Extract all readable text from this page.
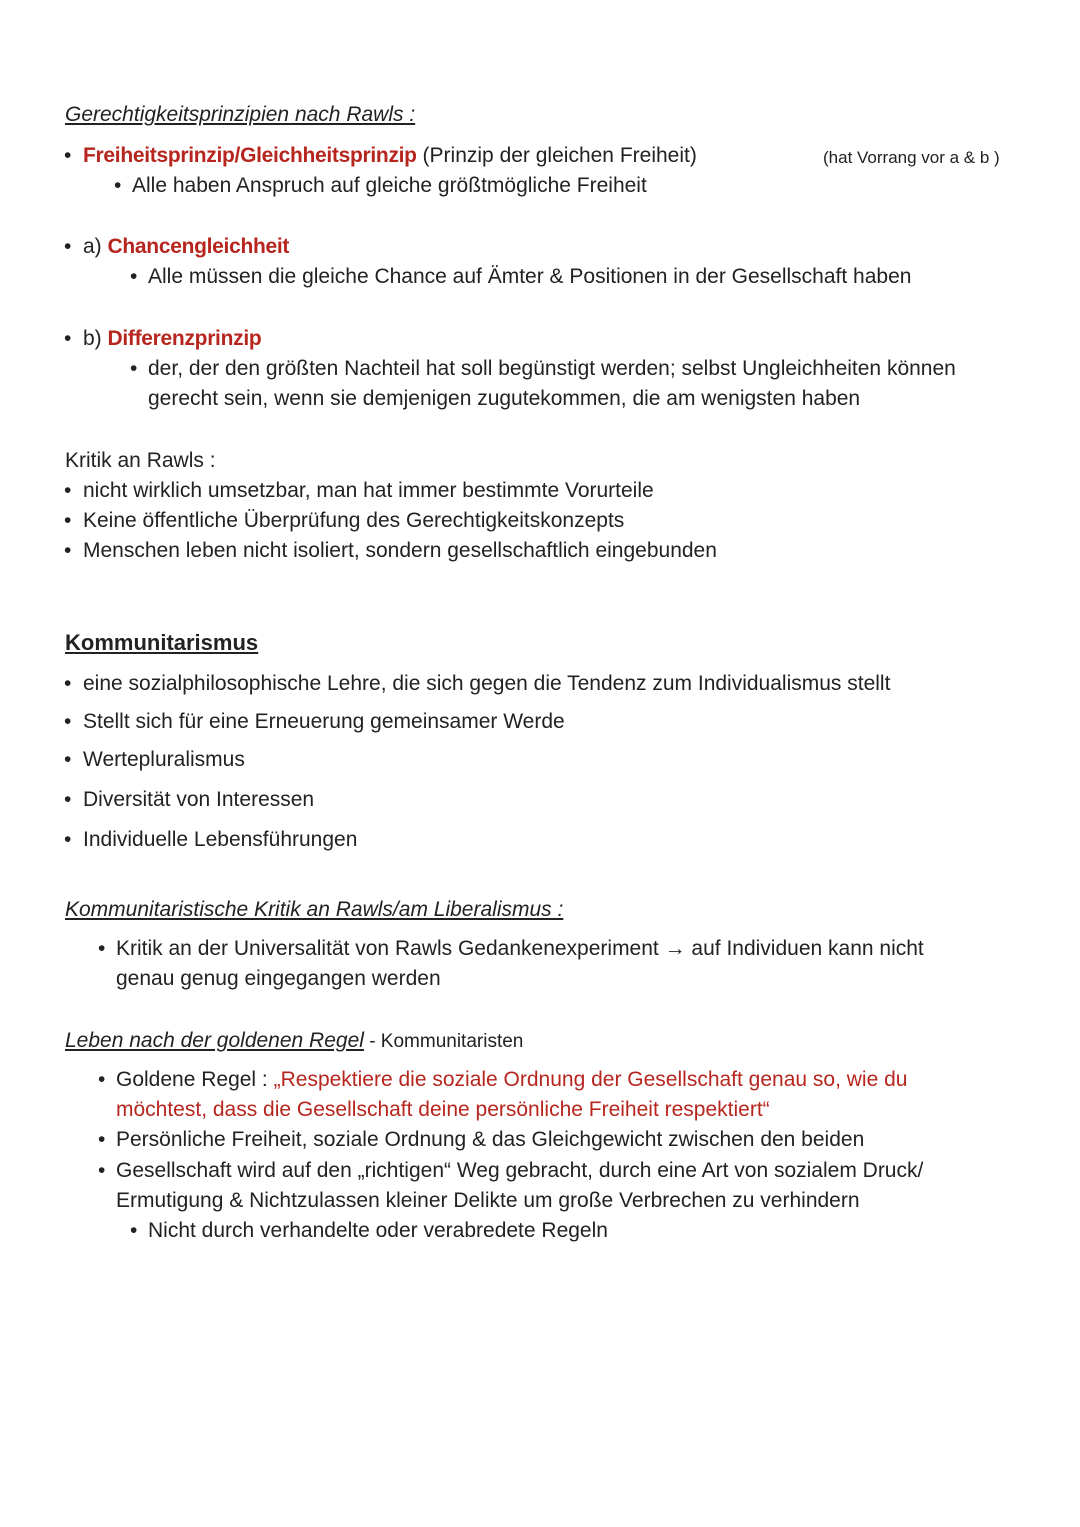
Gerechtigkeitsprinzipien nach Rawls :
• Freiheitsprinzip/Gleichheitsprinzip (Prinzip der gleichen Freiheit)	(hat Vorrang vor a & b )
• Alle haben Anspruch auf gleiche größtmögliche Freiheit
• a) Chancengleichheit
• Alle müssen die gleiche Chance auf Ämter & Positionen in der Gesellschaft haben
• b) Differenzprinzip
• der, der den größten Nachteil hat soll begünstigt werden; selbst Ungleichheiten können
gerecht sein, wenn sie demjenigen zugutekommen, die am wenigsten haben
Kritik an Rawls :
• nicht wirklich umsetzbar, man hat immer bestimmte Vorurteile
• Keine öffentliche Überprüfung des Gerechtigkeitskonzepts
• Menschen leben nicht isoliert, sondern gesellschaftlich eingebunden
Kommunitarismus
• eine sozialphilosophische Lehre, die sich gegen die Tendenz zum Individualismus stellt
• Stellt sich für eine Erneuerung gemeinsamer Werde
• Wertepluralismus
• Diversität von Interessen
• Individuelle Lebensführungen
Kommunitaristische Kritik an Rawls/am Liberalismus :
• Kritik an der Universalität von Rawls Gedankenexperiment → auf Individuen kann nicht
genau genug eingegangen werden
Leben nach der goldenen Regel - Kommunitaristen
• Goldene Regel : „Respektiere die soziale Ordnung der Gesellschaft genau so, wie du
möchtest, dass die Gesellschaft deine persönliche Freiheit respektiert“
• Persönliche Freiheit, soziale Ordnung & das Gleichgewicht zwischen den beiden
• Gesellschaft wird auf den „richtigen“ Weg gebracht, durch eine Art von sozialem Druck/
Ermutigung & Nichtzulassen kleiner Delikte um große Verbrechen zu verhindern
• Nicht durch verhandelte oder verabredete Regeln
